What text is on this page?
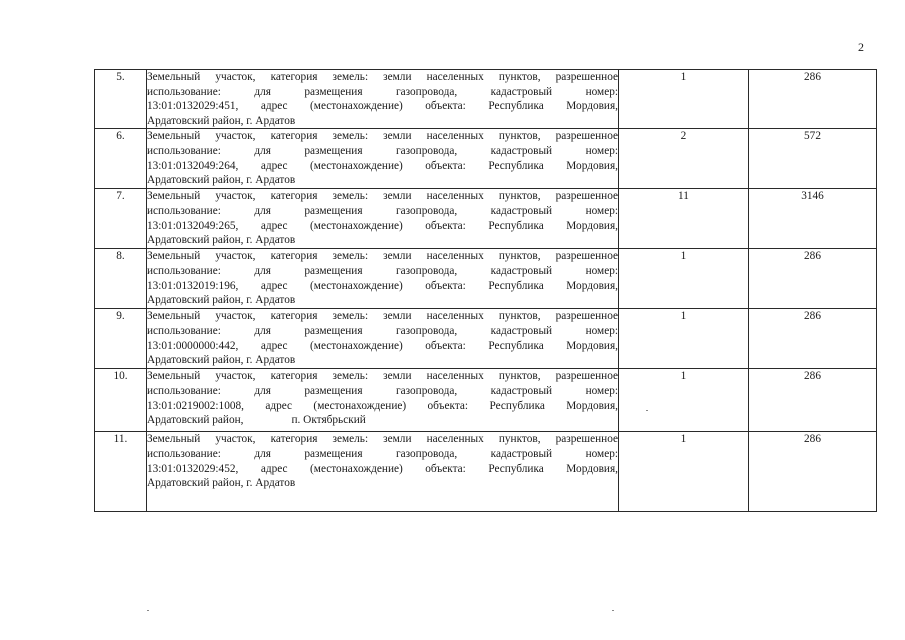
2
5.	Земельный участок, категория земель: земли населенных пунктов, разрешенное
использование: для размещения газопровода, кадастровый номер:
13:01:0132029:451, адрес (местонахождение) объекта: Республика Мордовия,
Ардатовский район, г. Ардатов	1	286
6.	Земельный участок, категория земель: земли населенных пунктов, разрешенное
использование: для размещения газопровода, кадастровый номер:
13:01:0132049:264, адрес (местонахождение) объекта: Республика Мордовия,
Ардатовский район, г. Ардатов	2	572
7.	Земельный участок, категория земель: земли населенных пунктов, разрешенное
использование: для размещения газопровода, кадастровый номер:
13:01:0132049:265, адрес (местонахождение) объекта: Республика Мордовия,
Ардатовский район, г. Ардатов	11	3146
8.	Земельный участок, категория земель: земли населенных пунктов, разрешенное
использование: для размещения газопровода, кадастровый номер:
13:01:0132019:196, адрес (местонахождение) объекта: Республика Мордовия,
Ардатовский район, г. Ардатов	1	286
9.	Земельный участок, категория земель: земли населенных пунктов, разрешенное
использование: для размещения газопровода, кадастровый номер:
13:01:0000000:442, адрес (местонахождение) объекта: Республика Мордовия,
Ардатовский район, г. Ардатов	1	286
10.	Земельный участок, категория земель: земли населенных пунктов, разрешенное
использование: для размещения газопровода, кадастровый номер:
13:01:0219002:1008, адрес (местонахождение) объекта: Республика Мордовия,
Ардатовский район,                 п. Октябрьский	1	286
11.	Земельный участок, категория земель: земли населенных пунктов, разрешенное
использование: для размещения газопровода, кадастровый номер:
13:01:0132029:452, адрес (местонахождение) объекта: Республика Мордовия,
Ардатовский район, г. Ардатов	1	286
